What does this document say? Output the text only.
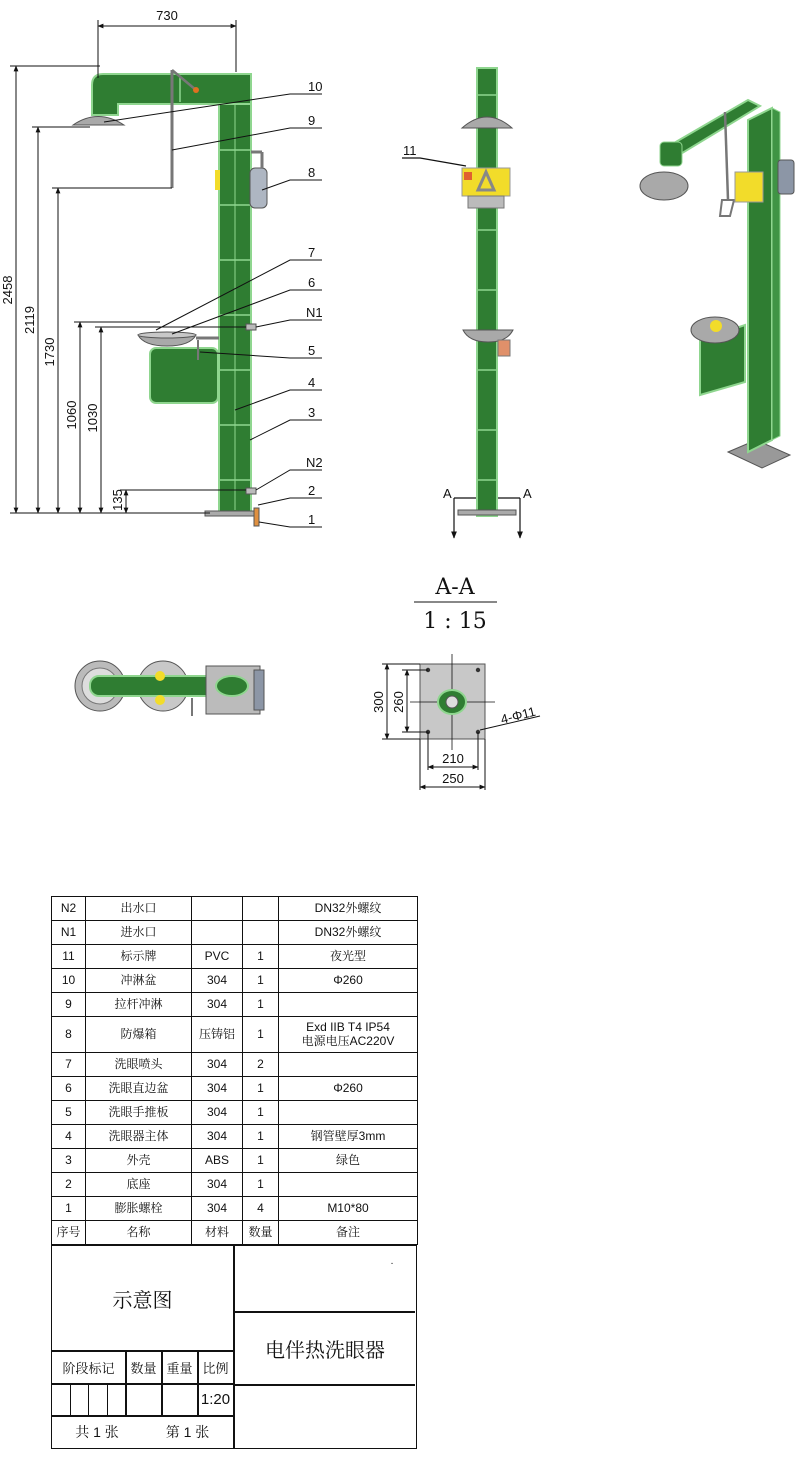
730
2458
2119
1730
1060 1030
135
10
9
8
7
6
N1
5
4
3
N2
2
1
A	A
11
A-A
1 : 15
300 260
210
250
4-Φ11
N2	出水口			DN32外螺纹
N1	进水口			DN32外螺纹
11	标示牌	PVC	1	夜光型
10	冲淋盆	304	1	Φ260
9	拉杆冲淋	304	1	
8	防爆箱	压铸铝	1	Exd IIB T4 IP54
电源电压AC220V

7	洗眼喷头	304	2	
6	洗眼直边盆	304	1	Φ260
5	洗眼手推板	304	1	
4	洗眼器主体	304	1	钢管壁厚3mm
3	外壳	ABS	1	绿色
2	底座	304	1	
1	膨胀螺栓	304	4	M10*80
序号	名称	材料	数量	备注
示意图
.
电伴热洗眼器
阶段标记	数量 重量 比例
1:20
共 1 张	第 1 张
